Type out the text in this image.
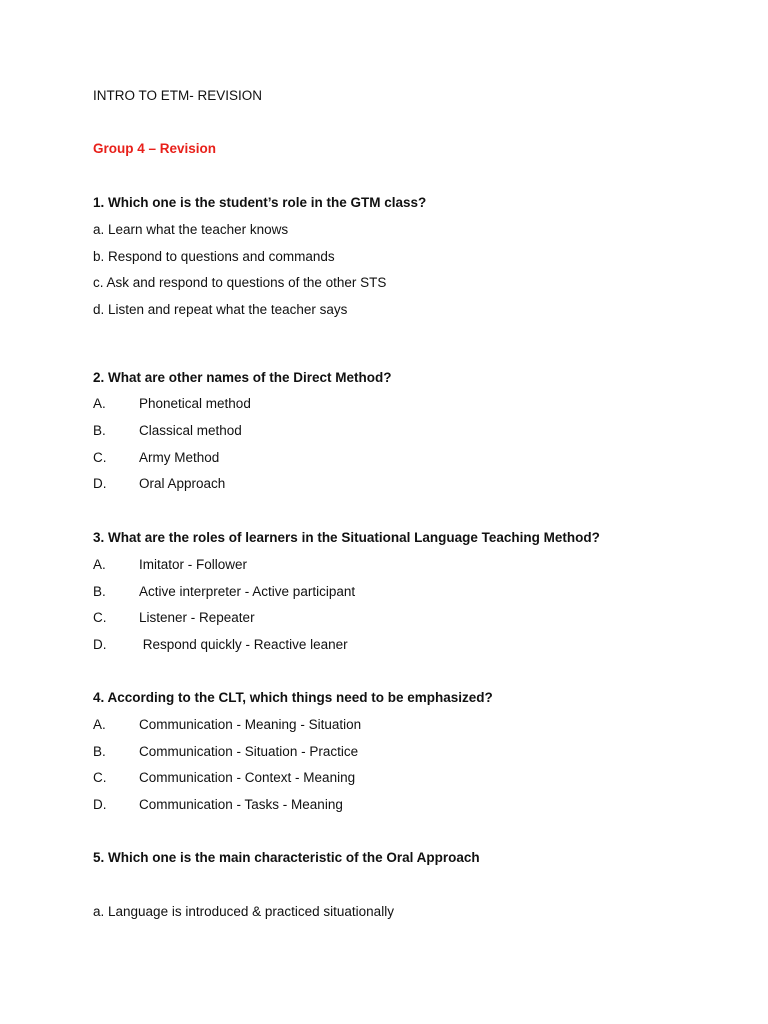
INTRO TO ETM- REVISION
Group 4 – Revision
1. Which one is the student’s role in the GTM class?
a. Learn what the teacher knows
b. Respond to questions and commands
c. Ask and respond to questions of the other STS
d. Listen and repeat what the teacher says
2. What are other names of the Direct Method?
A. Phonetical method
B. Classical method
C. Army Method
D. Oral Approach
3. What are the roles of learners in the Situational Language Teaching Method?
A. Imitator - Follower
B. Active interpreter - Active participant
C. Listener - Repeater
D. Respond quickly - Reactive leaner
4. According to the CLT, which things need to be emphasized?
A. Communication - Meaning - Situation
B. Communication - Situation - Practice
C. Communication - Context - Meaning
D. Communication - Tasks - Meaning
5. Which one is the main characteristic of the Oral Approach
a. Language is introduced & practiced situationally
